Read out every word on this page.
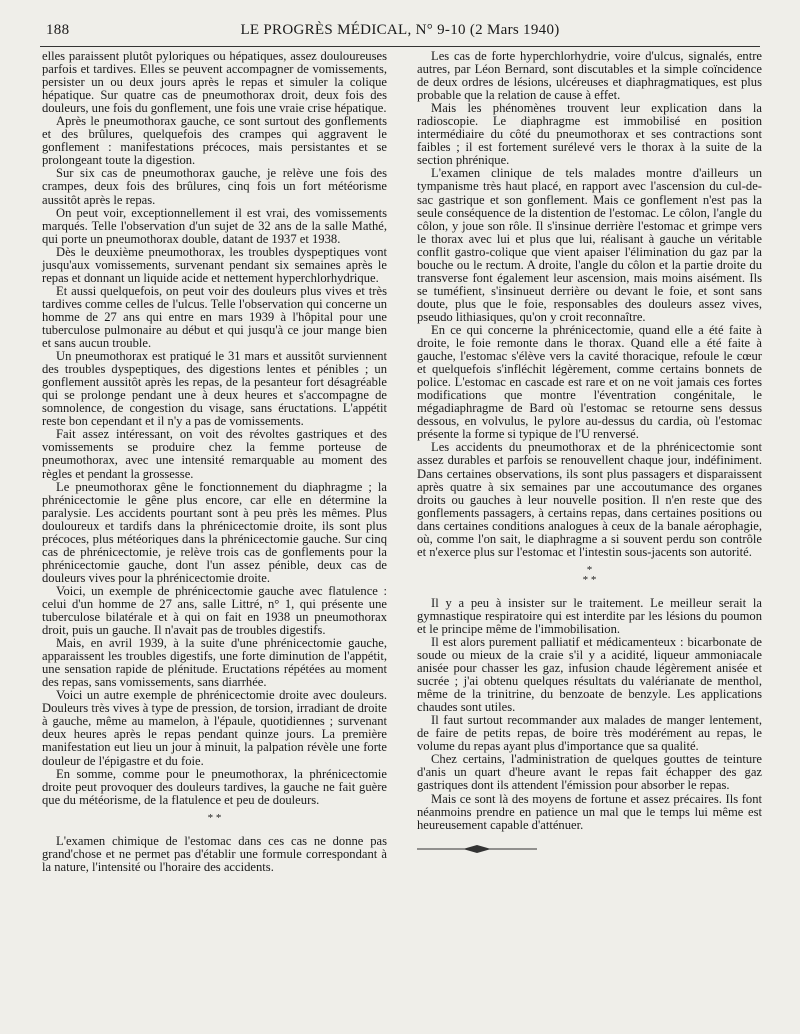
188	LE PROGRÈS MÉDICAL, N° 9-10 (2 Mars 1940)

elles paraissent plutôt pyloriques ou hépatiques, assez douloureuses parfois et tardives. Elles se peuvent accompagner de vomissements, persister un ou deux jours après le repas et simuler la colique hépatique. Sur quatre cas de pneumothorax droit, deux fois des douleurs, une fois du gonflement, une fois une vraie crise hépatique.

Après le pneumothorax gauche, ce sont surtout des gonflements et des brûlures, quelquefois des crampes qui aggravent le gonflement : manifestations précoces, mais persistantes et se prolongeant toute la digestion.

Sur six cas de pneumothorax gauche, je relève une fois des crampes, deux fois des brûlures, cinq fois un fort météorisme aussitôt après le repas.

On peut voir, exceptionnellement il est vrai, des vomissements marqués. Telle l'observation d'un sujet de 32 ans de la salle Mathé, qui porte un pneumothorax double, datant de 1937 et 1938.

Dès le deuxième pneumothorax, les troubles dyspeptiques vont jusqu'aux vomissements, survenant pendant six semaines après le repas et donnant un liquide acide et nettement hyperchlorhydrique.

Et aussi quelquefois, on peut voir des douleurs plus vives et très tardives comme celles de l'ulcus. Telle l'observation qui concerne un homme de 27 ans qui entre en mars 1939 à l'hôpital pour une tuberculose pulmonaire au début et qui jusqu'à ce jour mange bien et sans aucun trouble.

Un pneumothorax est pratiqué le 31 mars et aussitôt surviennent des troubles dyspeptiques, des digestions lentes et pénibles ; un gonflement aussitôt après les repas, de la pesanteur fort désagréable qui se prolonge pendant une à deux heures et s'accompagne de somnolence, de congestion du visage, sans éructations. L'appétit reste bon cependant et il n'y a pas de vomissements.

Fait assez intéressant, on voit des révoltes gastriques et des vomissements se produire chez la femme porteuse de pneumothorax, avec une intensité remarquable au moment des règles et pendant la grossesse.

Le pneumothorax gêne le fonctionnement du diaphragme ; la phrénicectomie le gêne plus encore, car elle en détermine la paralysie. Les accidents pourtant sont à peu près les mêmes. Plus douloureux et tardifs dans la phrénicectomie droite, ils sont plus précoces, plus météoriques dans la phrénicectomie gauche. Sur cinq cas de phrénicectomie, je relève trois cas de gonflements pour la phrénicectomie gauche, dont l'un assez pénible, deux cas de douleurs vives pour la phrénicectomie droite.

Voici, un exemple de phrénicectomie gauche avec flatulence : celui d'un homme de 27 ans, salle Littré, n° 1, qui présente une tuberculose bilatérale et à qui on fait en 1938 un pneumothorax droit, puis un gauche. Il n'avait pas de troubles digestifs.

Mais, en avril 1939, à la suite d'une phrénicectomie gauche, apparaissent les troubles digestifs, une forte diminution de l'appétit, une sensation rapide de plénitude. Eructations répétées au moment des repas, sans vomissements, sans diarrhée.

Voici un autre exemple de phrénicectomie droite avec douleurs. Douleurs très vives à type de pression, de torsion, irradiant de droite à gauche, même au mamelon, à l'épaule, quotidiennes ; survenant deux heures après le repas pendant quinze jours. La première manifestation eut lieu un jour à minuit, la palpation révèle une forte douleur de l'épigastre et du foie.

En somme, comme pour le pneumothorax, la phrénicectomie droite peut provoquer des douleurs tardives, la gauche ne fait guère que du météorisme, de la flatulence et peu de douleurs.

* *

L'examen chimique de l'estomac dans ces cas ne donne pas grand'chose et ne permet pas d'établir une formule correspondant à la nature, l'intensité ou l'horaire des accidents.

Les cas de forte hyperchlorhydrie, voire d'ulcus, signalés, entre autres, par Léon Bernard, sont discutables et la simple coïncidence de deux ordres de lésions, ulcéreuses et diaphragmatiques, est plus probable que la relation de cause à effet.

Mais les phénomènes trouvent leur explication dans la radioscopie. Le diaphragme est immobilisé en position intermédiaire du côté du pneumothorax et ses contractions sont faibles ; il est fortement surélevé vers le thorax à la suite de la section phrénique.

L'examen clinique de tels malades montre d'ailleurs un tympanisme très haut placé, en rapport avec l'ascension du cul-de-sac gastrique et son gonflement. Mais ce gonflement n'est pas la seule conséquence de la distention de l'estomac. Le côlon, l'angle du côlon, y joue son rôle. Il s'insinue derrière l'estomac et grimpe vers le thorax avec lui et plus que lui, réalisant à gauche un véritable conflit gastro-colique que vient apaiser l'élimination du gaz par la bouche ou le rectum. A droite, l'angle du côlon et la partie droite du transverse font également leur ascension, mais moins aisément. Ils se tuméfient, s'insinueut derrière ou devant le foie, et sont sans doute, plus que le foie, responsables des douleurs assez vives, pseudo lithiasiques, qu'on y croit reconnaître.

En ce qui concerne la phrénicectomie, quand elle a été faite à droite, le foie remonte dans le thorax. Quand elle a été faite à gauche, l'estomac s'élève vers la cavité thoracique, refoule le cœur et quelquefois s'infléchit légèrement, comme certains bonnets de police. L'estomac en cascade est rare et on ne voit jamais ces fortes modifications que montre l'éventration congénitale, le mégadiaphragme de Bard où l'estomac se retourne sens dessus dessous, en volvulus, le pylore au-dessus du cardia, où l'estomac présente la forme si typique de l'U renversé.

Les accidents du pneumothorax et de la phrénicectomie sont assez durables et parfois se renouvellent chaque jour, indéfiniment. Dans certaines observations, ils sont plus passagers et disparaissent après quatre à six semaines par une accoutumance des organes droits ou gauches à leur nouvelle position. Il n'en reste que des gonflements passagers, à certains repas, dans certaines positions ou dans certaines conditions analogues à ceux de la banale aérophagie, où, comme l'on sait, le diaphragme a si souvent perdu son contrôle et n'exerce plus sur l'estomac et l'intestin sous-jacents son autorité.

*
* *

Il y a peu à insister sur le traitement. Le meilleur serait la gymnastique respiratoire qui est interdite par les lésions du poumon et le principe même de l'immobilisation.

Il est alors purement palliatif et médicamenteux : bicarbonate de soude ou mieux de la craie s'il y a acidité, liqueur ammoniacale anisée pour chasser les gaz, infusion chaude légèrement anisée et sucrée ; j'ai obtenu quelques résultats du valérianate de menthol, même de la trinitrine, du benzoate de benzyle. Les applications chaudes sont utiles.

Il faut surtout recommander aux malades de manger lentement, de faire de petits repas, de boire très modérément au repas, le volume du repas ayant plus d'importance que sa qualité.

Chez certains, l'administration de quelques gouttes de teinture d'anis un quart d'heure avant le repas fait échapper des gaz gastriques dont ils attendent l'émission pour absorber le repas.

Mais ce sont là des moyens de fortune et assez précaires. Ils font néanmoins prendre en patience un mal que le temps lui même est heureusement capable d'atténuer.
